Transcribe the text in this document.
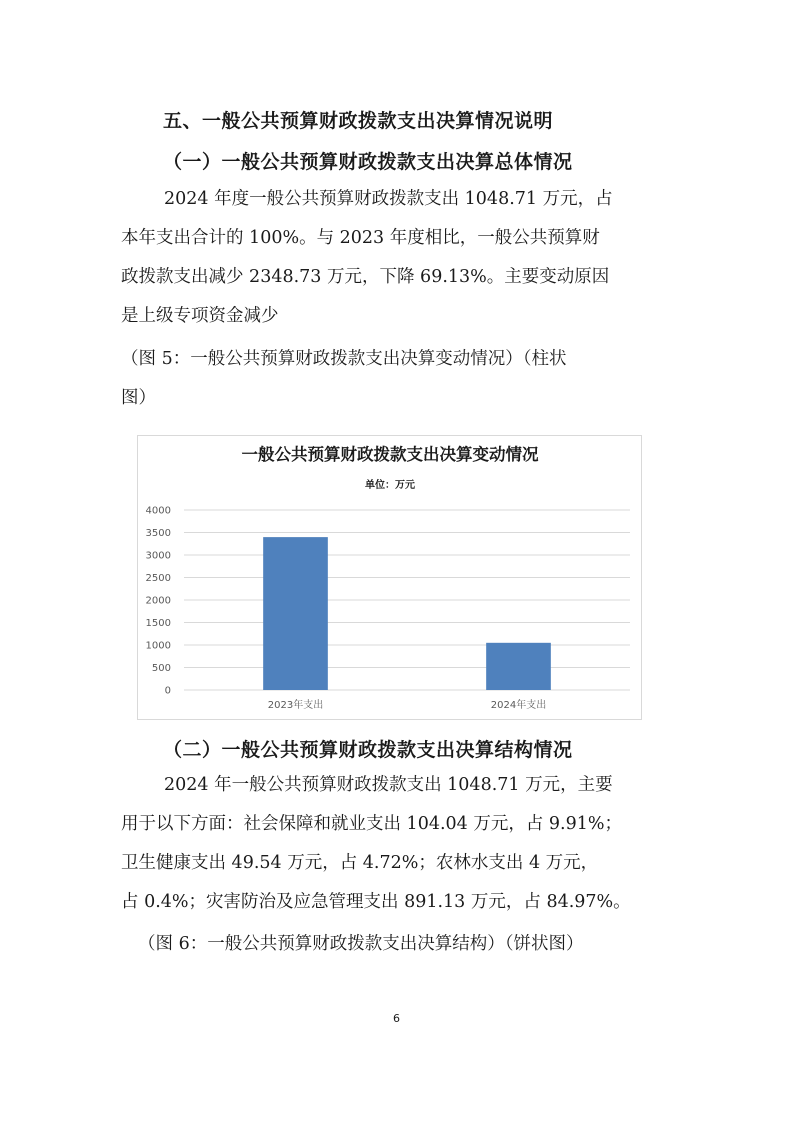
五、一般公共预算财政拨款支出决算情况说明
（一）一般公共预算财政拨款支出决算总体情况
2024 年度一般公共预算财政拨款支出 1048.71 万元，占
本年支出合计的 100%。与 2023 年度相比，一般公共预算财
政拨款支出减少 2348.73 万元，下降 69.13%。主要变动原因
是上级专项资金减少
（图 5：一般公共预算财政拨款支出决算变动情况）（柱状
图）
一般公共预算财政拨款支出决算变动情况
单位：万元
0
500
1000
1500
2000
2500
3000
3500
4000
2023年支出	2024年支出
（二）一般公共预算财政拨款支出决算结构情况
2024 年一般公共预算财政拨款支出 1048.71 万元，主要
用于以下方面：社会保障和就业支出 104.04 万元，占 9.91%；
卫生健康支出 49.54 万元，占 4.72%；农林水支出 4 万元，
占 0.4%；灾害防治及应急管理支出 891.13 万元，占 84.97%。
（图 6：一般公共预算财政拨款支出决算结构）（饼状图）
6
